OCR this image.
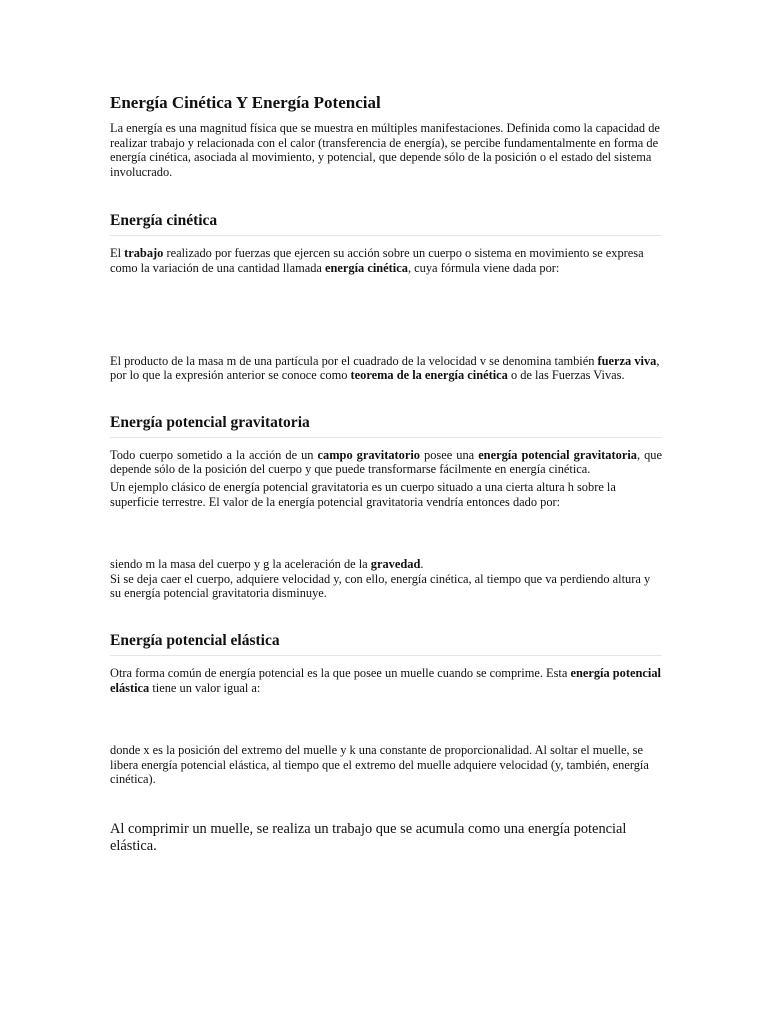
Energía Cinética Y Energía Potencial

La energía es una magnitud física que se muestra en múltiples manifestaciones. Definida como la capacidad de realizar trabajo y relacionada con el calor (transferencia de energía), se percibe fundamentalmente en forma de energía cinética, asociada al movimiento, y potencial, que depende sólo de la posición o el estado del sistema involucrado.

Energía cinética

El trabajo realizado por fuerzas que ejercen su acción sobre un cuerpo o sistema en movimiento se expresa como la variación de una cantidad llamada energía cinética, cuya fórmula viene dada por:

El producto de la masa m de una partícula por el cuadrado de la velocidad v se denomina también fuerza viva, por lo que la expresión anterior se conoce como teorema de la energía cinética o de las Fuerzas Vivas.

Energía potencial gravitatoria

Todo cuerpo sometido a la acción de un campo gravitatorio posee una energía potencial gravitatoria, que depende sólo de la posición del cuerpo y que puede transformarse fácilmente en energía cinética.

Un ejemplo clásico de energía potencial gravitatoria es un cuerpo situado a una cierta altura h sobre la superficie terrestre. El valor de la energía potencial gravitatoria vendría entonces dado por:

siendo m la masa del cuerpo y g la aceleración de la gravedad.

Si se deja caer el cuerpo, adquiere velocidad y, con ello, energía cinética, al tiempo que va perdiendo altura y su energía potencial gravitatoria disminuye.

Energía potencial elástica

Otra forma común de energía potencial es la que posee un muelle cuando se comprime. Esta energía potencial elástica tiene un valor igual a:

donde x es la posición del extremo del muelle y k una constante de proporcionalidad. Al soltar el muelle, se libera energía potencial elástica, al tiempo que el extremo del muelle adquiere velocidad (y, también, energía cinética).

Al comprimir un muelle, se realiza un trabajo que se acumula como una energía potencial elástica.
